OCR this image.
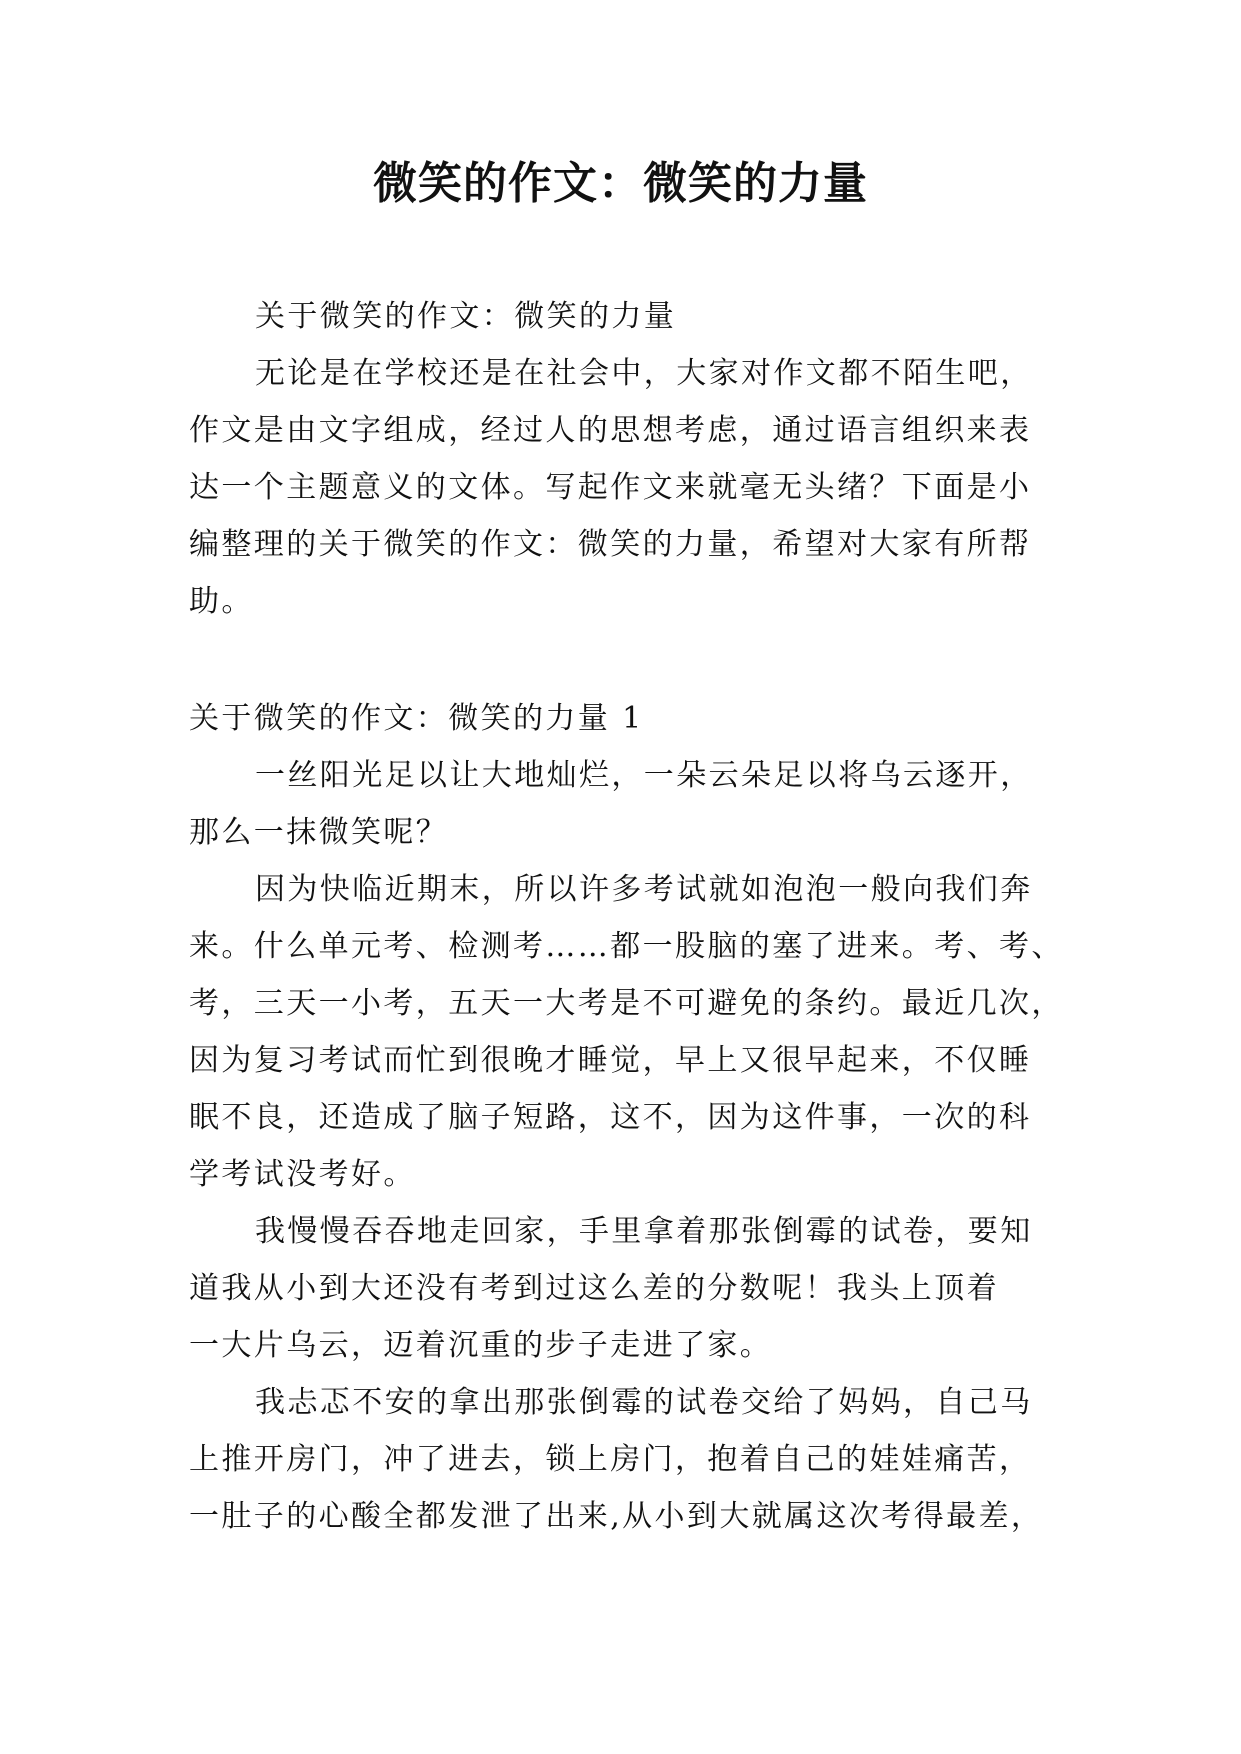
微笑的作文：微笑的力量
关于微笑的作文：微笑的力量
无论是在学校还是在社会中，大家对作文都不陌生吧，
作文是由文字组成，经过人的思想考虑，通过语言组织来表
达一个主题意义的文体。写起作文来就毫无头绪？下面是小
编整理的关于微笑的作文：微笑的力量，希望对大家有所帮
助。
关于微笑的作文：微笑的力量 1
一丝阳光足以让大地灿烂，一朵云朵足以将乌云逐开，
那么一抹微笑呢？
因为快临近期末，所以许多考试就如泡泡一般向我们奔
来。什么单元考、检测考……都一股脑的塞了进来。考、考、
考，三天一小考，五天一大考是不可避免的条约。最近几次，
因为复习考试而忙到很晚才睡觉，早上又很早起来，不仅睡
眠不良，还造成了脑子短路，这不，因为这件事，一次的科
学考试没考好。
我慢慢吞吞地走回家，手里拿着那张倒霉的试卷，要知
道我从小到大还没有考到过这么差的分数呢！我头上顶着
一大片乌云，迈着沉重的步子走进了家。
我忐忑不安的拿出那张倒霉的试卷交给了妈妈，自己马
上推开房门，冲了进去，锁上房门，抱着自己的娃娃痛苦，
一肚子的心酸全都发泄了出来,从小到大就属这次考得最差，
